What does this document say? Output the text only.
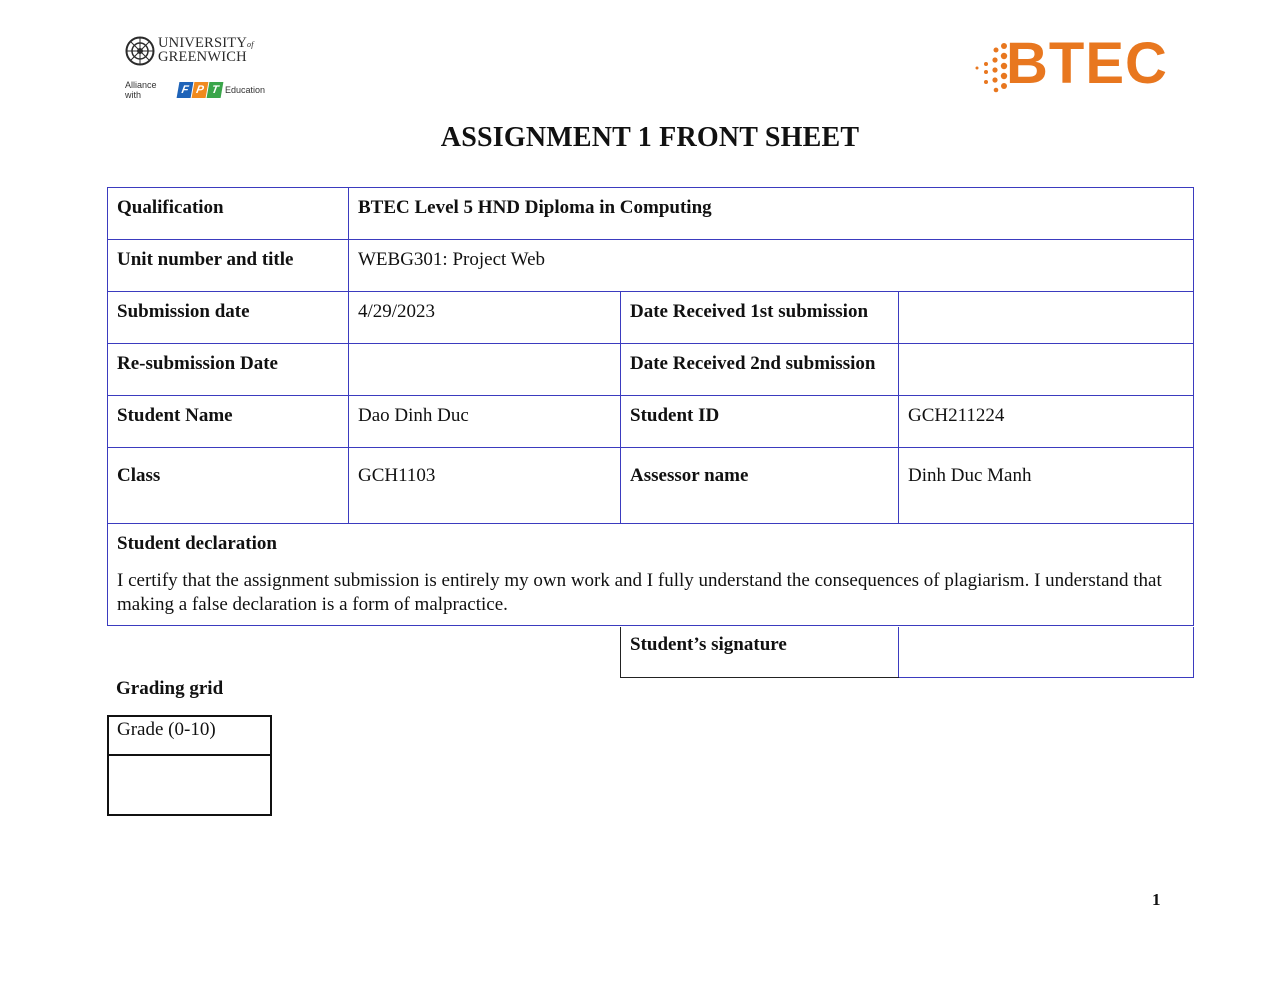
UNIVERSITYof
GREENWICH
Alliance with	F P T Education	BTEC
ASSIGNMENT 1 FRONT SHEET
Qualification	BTEC Level 5 HND Diploma in Computing		
Unit number and title	WEBG301: Project Web		
Submission date	4/29/2023	Date Received 1st submission	
Re-submission Date		Date Received 2nd submission	
Student Name	Dao Dinh Duc	Student ID	GCH211224
Class	GCH1103	Assessor name	Dinh Duc Manh

Student declaration
I certify that the assignment submission is entirely my own work and I fully understand the consequences of plagiarism. I understand that making a false declaration is a form of malpractice.			
Student’s signature	
Grading grid
Grade (0-10)

1
